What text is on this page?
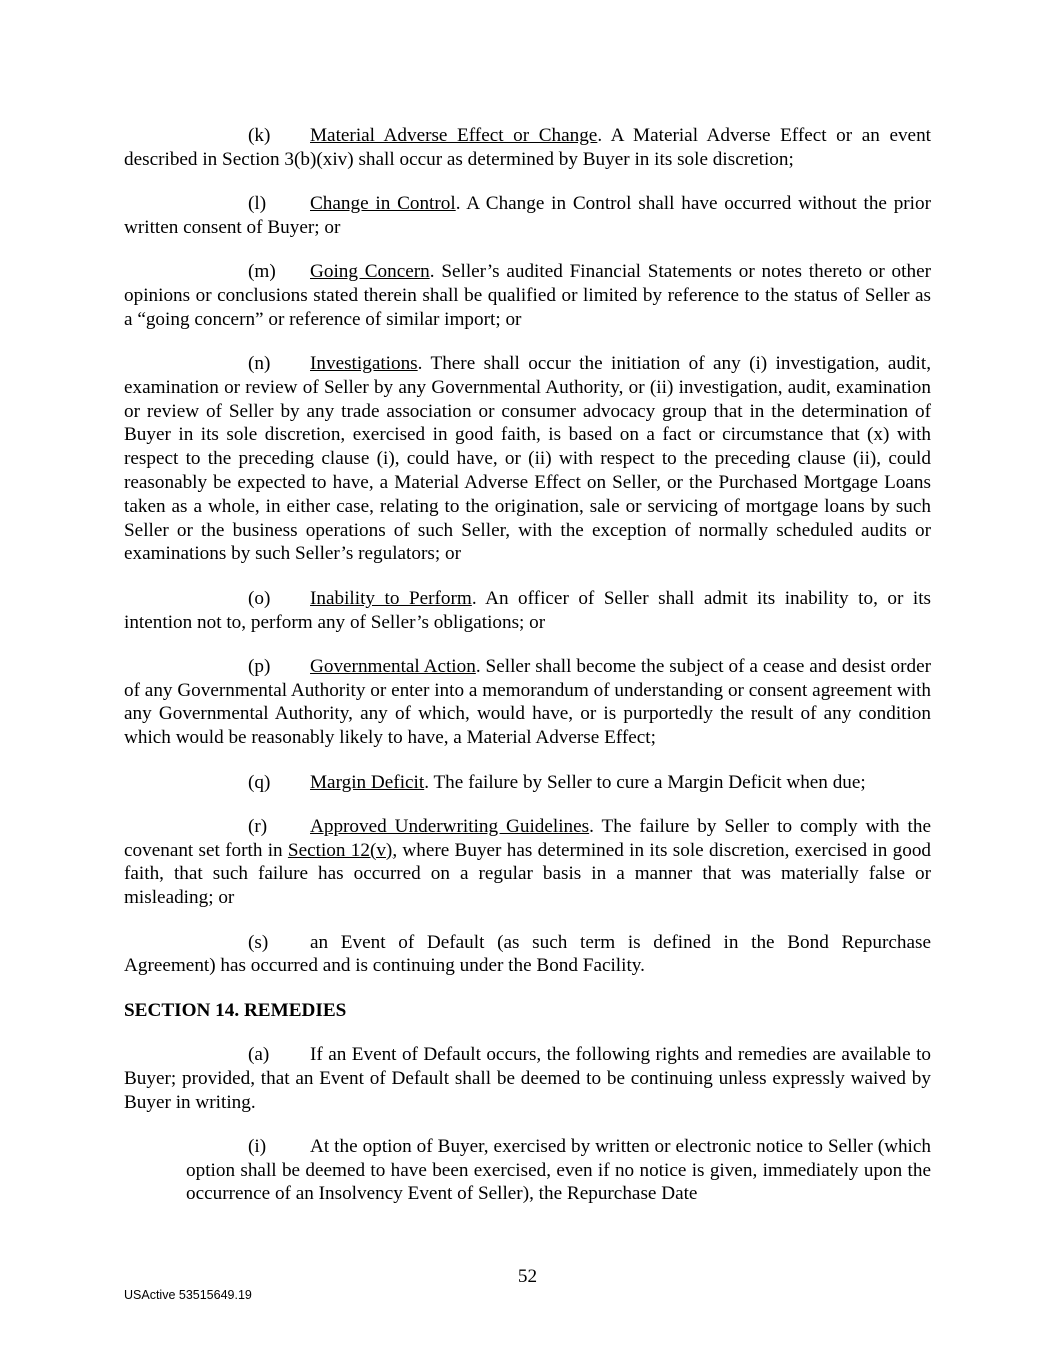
(k) Material Adverse Effect or Change. A Material Adverse Effect or an event described in Section 3(b)(xiv) shall occur as determined by Buyer in its sole discretion;

(l) Change in Control. A Change in Control shall have occurred without the prior written consent of Buyer; or

(m) Going Concern. Seller’s audited Financial Statements or notes thereto or other opinions or conclusions stated therein shall be qualified or limited by reference to the status of Seller as a “going concern” or reference of similar import; or

(n) Investigations. There shall occur the initiation of any (i) investigation, audit, examination or review of Seller by any Governmental Authority, or (ii) investigation, audit, examination or review of Seller by any trade association or consumer advocacy group that in the determination of Buyer in its sole discretion, exercised in good faith, is based on a fact or circumstance that (x) with respect to the preceding clause (i), could have, or (ii) with respect to the preceding clause (ii), could reasonably be expected to have, a Material Adverse Effect on Seller, or the Purchased Mortgage Loans taken as a whole, in either case, relating to the origination, sale or servicing of mortgage loans by such Seller or the business operations of such Seller, with the exception of normally scheduled audits or examinations by such Seller’s regulators; or

(o) Inability to Perform. An officer of Seller shall admit its inability to, or its intention not to, perform any of Seller’s obligations; or

(p) Governmental Action. Seller shall become the subject of a cease and desist order of any Governmental Authority or enter into a memorandum of understanding or consent agreement with any Governmental Authority, any of which, would have, or is purportedly the result of any condition which would be reasonably likely to have, a Material Adverse Effect;

(q) Margin Deficit. The failure by Seller to cure a Margin Deficit when due;

(r) Approved Underwriting Guidelines. The failure by Seller to comply with the covenant set forth in Section 12(v), where Buyer has determined in its sole discretion, exercised in good faith, that such failure has occurred on a regular basis in a manner that was materially false or misleading; or

(s) an Event of Default (as such term is defined in the Bond Repurchase Agreement) has occurred and is continuing under the Bond Facility.

SECTION 14. REMEDIES

(a) If an Event of Default occurs, the following rights and remedies are available to Buyer; provided, that an Event of Default shall be deemed to be continuing unless expressly waived by Buyer in writing.

(i) At the option of Buyer, exercised by written or electronic notice to Seller (which option shall be deemed to have been exercised, even if no notice is given, immediately upon the occurrence of an Insolvency Event of Seller), the Repurchase Date

52
USActive 53515649.19
